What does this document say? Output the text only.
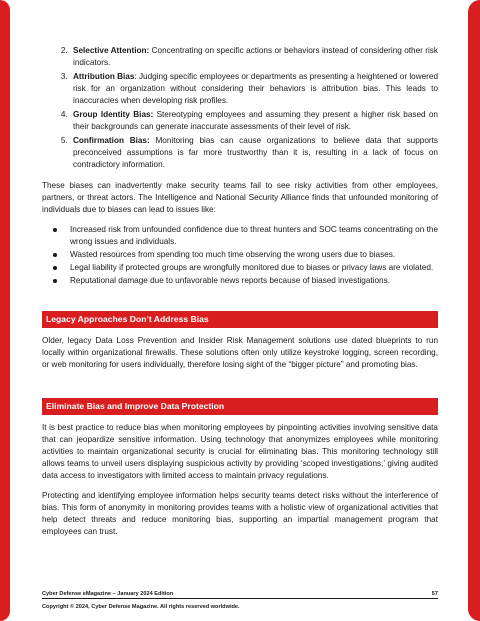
2. Selective Attention: Concentrating on specific actions or behaviors instead of considering other risk indicators.
3. Attribution Bias: Judging specific employees or departments as presenting a heightened or lowered risk for an organization without considering their behaviors is attribution bias. This leads to inaccuracies when developing risk profiles.
4. Group Identity Bias: Stereotyping employees and assuming they present a higher risk based on their backgrounds can generate inaccurate assessments of their level of risk.
5. Confirmation Bias: Monitoring bias can cause organizations to believe data that supports preconceived assumptions is far more trustworthy than it is, resulting in a lack of focus on contradictory information.

These biases can inadvertently make security teams fail to see risky activities from other employees, partners, or threat actors. The Intelligence and National Security Alliance finds that unfounded monitoring of individuals due to biases can lead to issues like:

Increased risk from unfounded confidence due to threat hunters and SOC teams concentrating on the wrong issues and individuals.
Wasted resources from spending too much time observing the wrong users due to biases.
Legal liability if protected groups are wrongfully monitored due to biases or privacy laws are violated.
Reputational damage due to unfavorable news reports because of biased investigations.
Legacy Approaches Don’t Address Bias

Older, legacy Data Loss Prevention and Insider Risk Management solutions use dated blueprints to run locally within organizational firewalls. These solutions often only utilize keystroke logging, screen recording, or web monitoring for users individually, therefore losing sight of the “bigger picture” and promoting bias.

Eliminate Bias and Improve Data Protection

It is best practice to reduce bias when monitoring employees by pinpointing activities involving sensitive data that can jeopardize sensitive information. Using technology that anonymizes employees while monitoring activities to maintain organizational security is crucial for eliminating bias. This monitoring technology still allows teams to unveil users displaying suspicious activity by providing ‘scoped investigations,’ giving audited data access to investigators with limited access to maintain privacy regulations.

Protecting and identifying employee information helps security teams detect risks without the interference of bias. This form of anonymity in monitoring provides teams with a holistic view of organizational activities that help detect threats and reduce monitoring bias, supporting an impartial management program that employees can trust.

Cyber Defense eMagazine – January 2024 Edition	57
Copyright © 2024, Cyber Defense Magazine. All rights reserved worldwide.
